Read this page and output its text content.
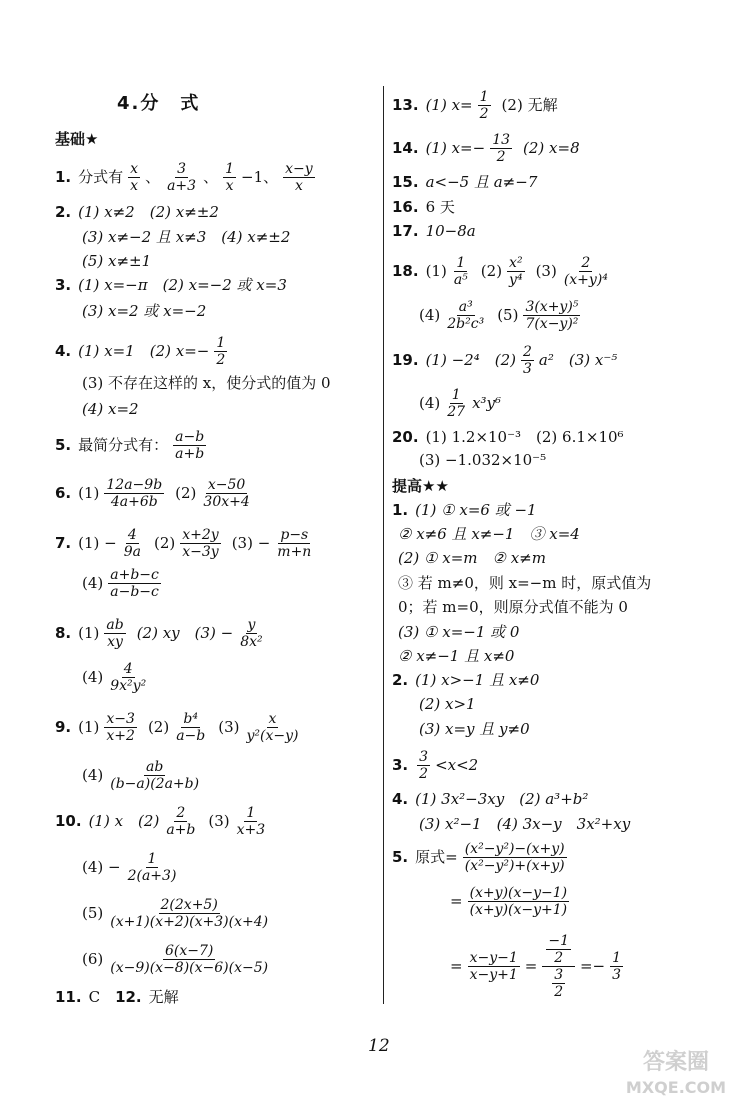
4.分　式
基础★
1. 分式有 $\frac{x}{x}$ 、 $\frac{3}{a+3}$ 、 $\frac{1}{x} -1$、 $\frac{x-y}{x}$
2. (1) x≠2　(2) x≠±2
(3) x≠−2 且 x≠3　(4) x≠±2
(5) x≠±1
3. (1) x=−π　(2) x=−2 或 x=3
(3) x=2 或 x=−2
4. (1) x=1　(2) $x=- \frac{1}{2}$
(3) 不存在这样的 x，使分式的值为 0
(4) x=2
5. 最简分式有： $\frac{a-b}{a+b}$
6. $(1) \frac{12a-9b}{4a+6b} (2) \frac{x-50}{30x+4}$
7. $(1) - \frac{4}{9a} (2) \frac{x+2y}{x-3y} (3) - \frac{p-s}{m+n}$
$(4) \frac{a+b-c}{a-b-c}$
8. $(1) \frac{ab}{xy} (2)$ xy　$(3) - \frac{y}{\text{8x²}}$
$(4) \frac{4}{\text{9x²y²}}$
9. $(1) \frac{x-3}{x+2} (2) \frac{\text{b⁴}}{a-b} (3) \frac{x}{\text{y²(x−y)}}$
$(4) \frac{ab}{(b-a)(2a+b)}$
10. (1) x　$(2) \frac{2}{a+b} (3) \frac{1}{x+3}$
$(4) - \frac{1}{2(a+3)}$
$(5) \frac{2(2x+5)}{(x+1)(x+2)(x+3)(x+4)}$
$(6) \frac{6(x-7)}{(x-9)(x-8)(x-6)(x-5)}$
11. C 12. 无解
13. (1) $x= \frac{1}{2} (2)$ 无解
14. (1) $x=- \frac{13}{2} (2)$ x=8
15. a<−5 且 a≠−7
16. 6 天
17. 10−8a
18. $(1) \frac{1}{\text{a⁵}} (2) \frac{\text{x²}}{\text{y⁴}} (3) \frac{2}{\text{(x+y)⁴}}$
$(4) \frac{\text{a³}}{\text{2b²c³}} (5) \frac{\text{3(x+y)⁵}}{\text{7(x−y)²}}$
19. (1) −2⁴　$(2) \frac{2}{3} a^2$　(3) x⁻⁵
$(4) \frac{1}{27} x^3y^6$
20. (1) 1.2×10⁻³　(2) 6.1×10⁶
(3) −1.032×10⁻⁵
提高★★
1. (1) ① x=6 或 −1
② x≠6 且 x≠−1　③ x=4
(2) ① x=m　② x≠m
③ 若 m≠0，则 x=−m 时，原式值为
0；若 m=0，则原分式值不能为 0
(3) ① x=−1 或 0
② x≠−1 且 x≠0
2. (1) x>−1 且 x≠0
(2) x>1
(3) x=y 且 y≠0
3. $\frac{3}{2} <x<2$
4. (1) 3x²−3xy　(2) a³+b²
(3) x²−1　(4) 3x−y　3x²+xy
5. 原式= $\frac{\text{(x²−y²)−(x+y)}}{\text{(x²−y²)+(x+y)}}$
= $\frac{(x+y)(x-y-1)}{(x+y)(x-y+1)}$
= $\frac{x-y-1}{x-y+1} = \frac{\frac{-1}{2}}{\frac{3}{2}} =- \frac{1}{3}$
12
答案圈
MXQE.COM
